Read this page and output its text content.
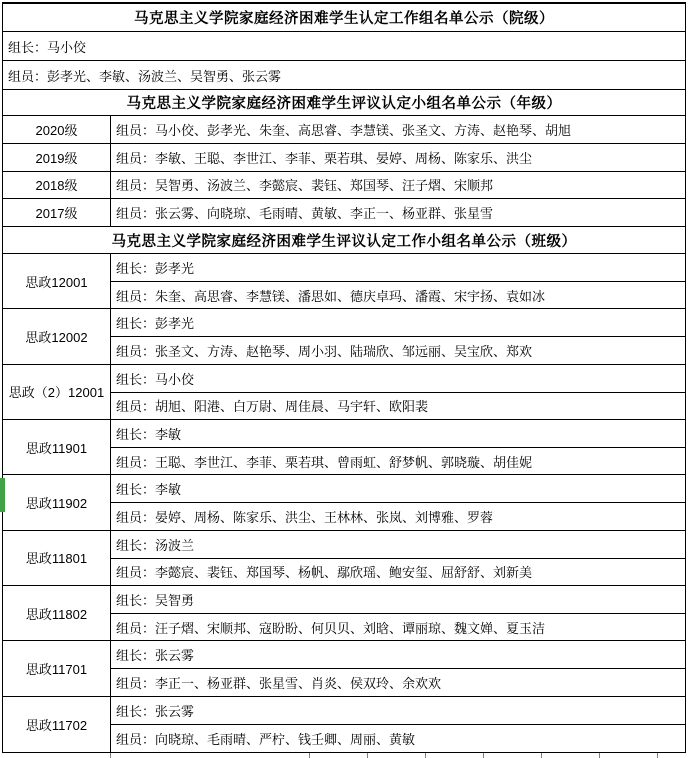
马克思主义学院家庭经济困难学生认定工作组名单公示（院级）
组长：马小佼
组员：彭孝光、李敏、汤波兰、吴智勇、张云雾
马克思主义学院家庭经济困难学生评议认定小组名单公示（年级）
2020级	组员：马小佼、彭孝光、朱奎、高思睿、李慧镁、张圣文、方涛、赵艳琴、胡旭
2019级	组员：李敏、王聪、李世江、李菲、栗若琪、晏婷、周杨、陈家乐、洪尘
2018级	组员：吴智勇、汤波兰、李懿宸、裴钰、郑国琴、汪子熠、宋顺邦
2017级	组员：张云雾、向晓琼、毛雨晴、黄敏、李正一、杨亚群、张星雪
马克思主义学院家庭经济困难学生评议认定工作小组名单公示（班级）
思政12001
组长：彭孝光
组员：朱奎、高思睿、李慧镁、潘思如、德庆卓玛、潘霞、宋宇扬、袁如冰
思政12002
组长：彭孝光
组员：张圣文、方涛、赵艳琴、周小羽、陆瑞欣、邹远丽、吴宝欣、郑欢
思政（2）12001
组长：马小佼
组员：胡旭、阳港、白万尉、周佳晨、马宇轩、欧阳裴
思政11901
组长：李敏
组员：王聪、李世江、李菲、栗若琪、曾雨虹、舒梦帆、郭晓璇、胡佳妮
思政11902
组长：李敏
组员：晏婷、周杨、陈家乐、洪尘、王林林、张岚、刘博雅、罗蓉
思政11801
组长：汤波兰
组员：李懿宸、裴钰、郑国琴、杨帆、鄢欣瑶、鲍安玺、屈舒舒、刘新美
思政11802
组长：吴智勇
组员：汪子熠、宋顺邦、寇盼盼、何贝贝、刘晗、谭丽琼、魏文婵、夏玉洁
思政11701
组长：张云雾
组员：李正一、杨亚群、张星雪、肖炎、侯双玲、余欢欢
思政11702
组长：张云雾
组员：向晓琼、毛雨晴、严柠、钱壬卿、周丽、黄敏
